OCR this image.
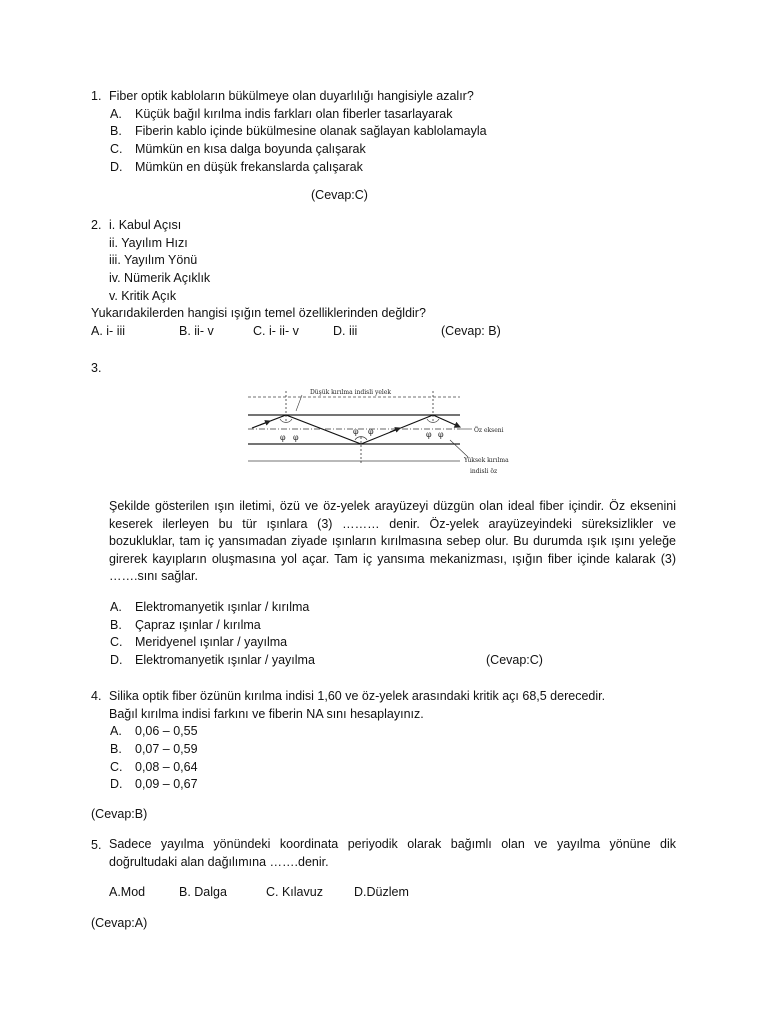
1. Fiber optik kabloların bükülmeye olan duyarlılığı hangisiyle azalır?
A. Küçük bağıl kırılma indis farkları olan fiberler tasarlayarak
B. Fiberin kablo içinde bükülmesine olanak sağlayan kablolamayla
C. Mümkün en kısa dalga boyunda çalışarak
D. Mümkün en düşük frekanslarda çalışarak
(Cevap:C)
2. i. Kabul Açısı
ii. Yayılım Hızı
iii. Yayılım Yönü
iv. Nümerik Açıklık
v. Kritik Açık
Yukarıdakilerden hangisi ışığın temel özelliklerinden değldir?
A. i- iii	B. ii- v	C. i- ii- v	D. iii	(Cevap: B)
3.
φ φ
φ φ	φ φ
Düşük kırılma indisli yelek
Öz ekseni
Yüksek kırılma
indisli öz
Şekilde gösterilen ışın iletimi, özü ve öz-yelek arayüzeyi düzgün olan ideal fiber içindir. Öz eksenini keserek ilerleyen bu tür ışınlara (3) ……… denir. Öz-yelek arayüzeyindeki süreksizlikler ve bozukluklar, tam iç yansımadan ziyade ışınların kırılmasına sebep olur. Bu durumda ışık ışını yeleğe girerek kayıpların oluşmasına yol açar. Tam iç yansıma mekanizması, ışığın fiber içinde kalarak (3) …….sını sağlar.
A. Elektromanyetik ışınlar / kırılma
B. Çapraz ışınlar / kırılma
C. Meridyenel ışınlar / yayılma
D. Elektromanyetik ışınlar / yayılma	(Cevap:C)
4. Silika optik fiber özünün kırılma indisi 1,60 ve öz-yelek arasındaki kritik açı 68,5 derecedir.
Bağıl kırılma indisi farkını ve fiberin NA sını hesaplayınız.
A. 0,06 – 0,55
B. 0,07 – 0,59
C. 0,08 – 0,64
D. 0,09 – 0,67
(Cevap:B)
5. Sadece yayılma yönündeki koordinata periyodik olarak bağımlı olan ve yayılma yönüne dik doğrultudaki alan dağılımına …….denir.
A.Mod	B. Dalga	C. Kılavuz D.Düzlem
(Cevap:A)
